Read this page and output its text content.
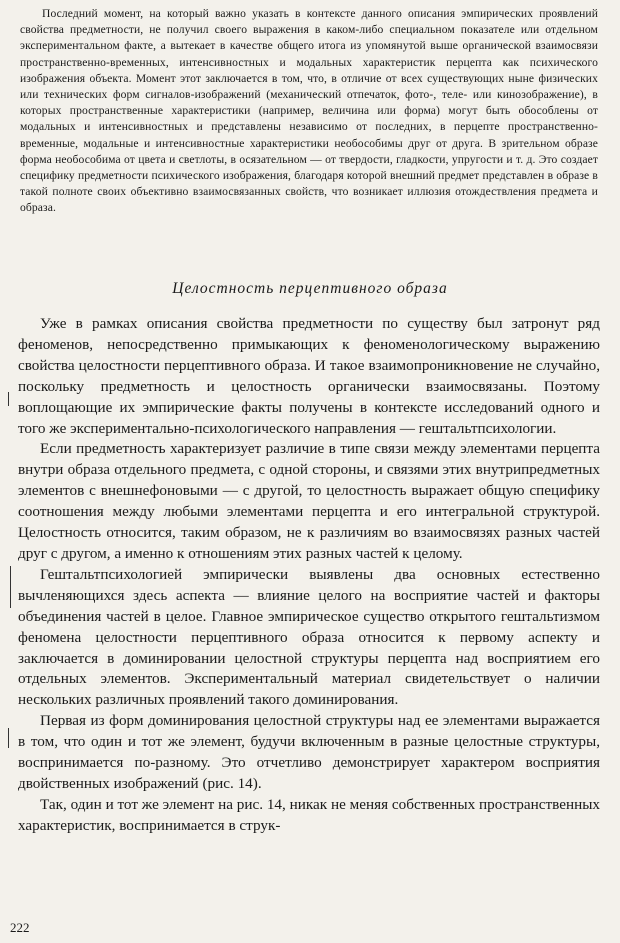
Последний момент, на который важно указать в контексте данного описания эмпирических проявлений свойства предметности, не получил своего выражения в каком-либо специальном показателе или отдельном экспериментальном факте, а вытекает в качестве общего итога из упомянутой выше органической взаимосвязи пространственно-временных, интенсивностных и модальных характеристик перцепта как психического изображения объекта. Момент этот заключается в том, что, в отличие от всех существующих ныне физических или технических форм сигналов-изображений (механический отпечаток, фото-, теле- или кинозображение), в которых пространственные характеристики (например, величина или форма) могут быть обособлены от модальных и интенсивностных и представлены независимо от последних, в перцепте пространственно-временные, модальные и интенсивностные характеристики необособимы друг от друга. В зрительном образе форма необособима от цвета и светлоты, в осязательном — от твердости, гладкости, упругости и т. д. Это создает специфику предметности психического изображения, благодаря которой внешний предмет представлен в образе в такой полноте своих объективно взаимосвязанных свойств, что возникает иллюзия отождествления предмета и образа.
Целостность перцептивного образа

Уже в рамках описания свойства предметности по существу был затронут ряд феноменов, непосредственно примыкающих к феноменологическому выражению свойства целостности перцептивного образа. И такое взаимопроникновение не случайно, поскольку предметность и целостность органически взаимосвязаны. Поэтому воплощающие их эмпирические факты получены в контексте исследований одного и того же экспериментально-психологического направления — гештальтпсихологии.

Если предметность характеризует различие в типе связи между элементами перцепта внутри образа отдельного предмета, с одной стороны, и связями этих внутрипредметных элементов с внешнефоновыми — с другой, то целостность выражает общую специфику соотношения между любыми элементами перцепта и его интегральной структурой. Целостность относится, таким образом, не к различиям во взаимосвязях разных частей друг с другом, а именно к отношениям этих разных частей к целому.

Гештальтпсихологией эмпирически выявлены два основных естественно вычленяющихся здесь аспекта — влияние целого на восприятие частей и факторы объединения частей в целое. Главное эмпирическое существо открытого гештальтизмом феномена целостности перцептивного образа относится к первому аспекту и заключается в доминировании целостной структуры перцепта над восприятием его отдельных элементов. Экспериментальный материал свидетельствует о наличии нескольких различных проявлений такого доминирования.

Первая из форм доминирования целостной структуры над ее элементами выражается в том, что один и тот же элемент, будучи включенным в разные целостные структуры, воспринимается по-разному. Это отчетливо демонстрирует характером восприятия двойственных изображений (рис. 14).

Так, один и тот же элемент на рис. 14, никак не меняя собственных пространственных характеристик, воспринимается в струк-

222
